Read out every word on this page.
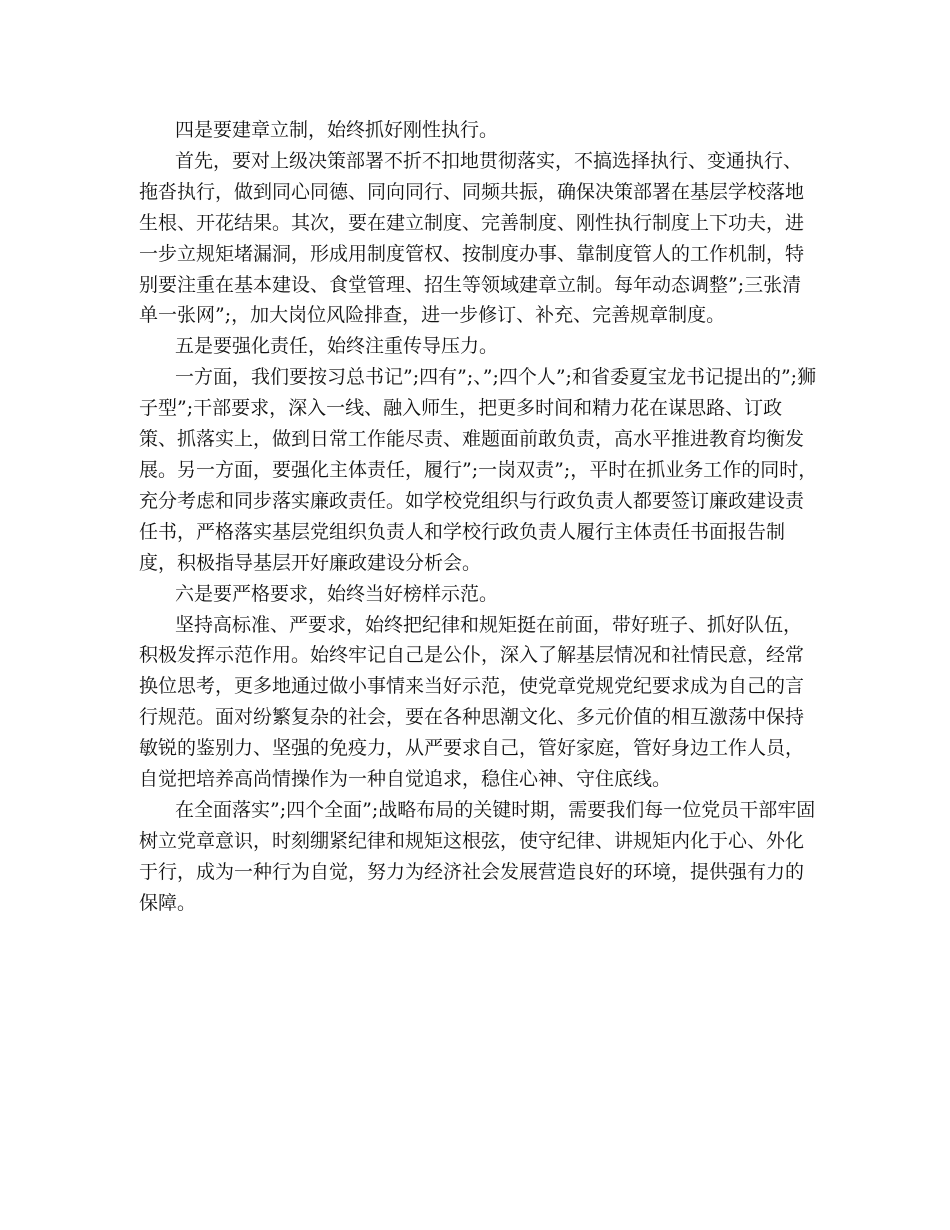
四是要建章立制，始终抓好刚性执行。

首先，要对上级决策部署不折不扣地贯彻落实，不搞选择执行、变通执行、拖沓执行，做到同心同德、同向同行、同频共振，确保决策部署在基层学校落地生根、开花结果。其次，要在建立制度、完善制度、刚性执行制度上下功夫，进一步立规矩堵漏洞，形成用制度管权、按制度办事、靠制度管人的工作机制，特别要注重在基本建设、食堂管理、招生等领域建章立制。每年动态调整”;三张清单一张网”;，加大岗位风险排查，进一步修订、补充、完善规章制度。

五是要强化责任，始终注重传导压力。

一方面，我们要按习总书记”;四有”;、”;四个人”;和省委夏宝龙书记提出的”;狮子型”;干部要求，深入一线、融入师生，把更多时间和精力花在谋思路、订政策、抓落实上，做到日常工作能尽责、难题面前敢负责，高水平推进教育均衡发展。另一方面，要强化主体责任，履行”;一岗双责”;，平时在抓业务工作的同时，充分考虑和同步落实廉政责任。如学校党组织与行政负责人都要签订廉政建设责任书，严格落实基层党组织负责人和学校行政负责人履行主体责任书面报告制度，积极指导基层开好廉政建设分析会。

六是要严格要求，始终当好榜样示范。

坚持高标准、严要求，始终把纪律和规矩挺在前面，带好班子、抓好队伍，积极发挥示范作用。始终牢记自己是公仆，深入了解基层情况和社情民意，经常换位思考，更多地通过做小事情来当好示范，使党章党规党纪要求成为自己的言行规范。面对纷繁复杂的社会，要在各种思潮文化、多元价值的相互激荡中保持敏锐的鉴别力、坚强的免疫力，从严要求自己，管好家庭，管好身边工作人员，自觉把培养高尚情操作为一种自觉追求，稳住心神、守住底线。

在全面落实”;四个全面”;战略布局的关键时期，需要我们每一位党员干部牢固树立党章意识，时刻绷紧纪律和规矩这根弦，使守纪律、讲规矩内化于心、外化于行，成为一种行为自觉，努力为经济社会发展营造良好的环境，提供强有力的保障。
